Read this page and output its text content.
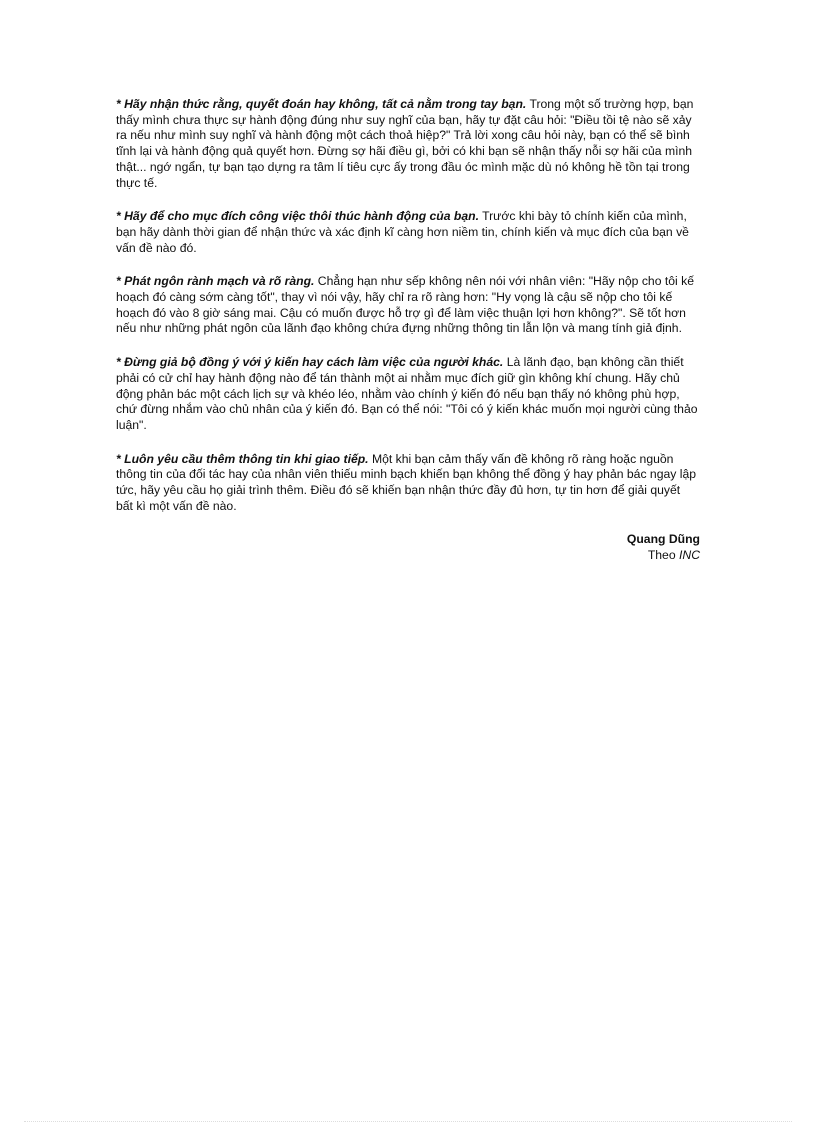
* Hãy nhận thức rằng, quyết đoán hay không, tất cả nằm trong tay bạn. Trong một số trường hợp, bạn thấy mình chưa thực sự hành động đúng như suy nghĩ của bạn, hãy tự đặt câu hỏi: "Điều tồi tệ nào sẽ xảy ra nếu như mình suy nghĩ và hành động một cách thoả hiệp?" Trả lời xong câu hỏi này, bạn có thể sẽ bình tĩnh lại và hành động quả quyết hơn. Đừng sợ hãi điều gì, bởi có khi bạn sẽ nhận thấy nỗi sợ hãi của mình thật... ngớ ngẩn, tự bạn tạo dựng ra tâm lí tiêu cực ấy trong đầu óc mình mặc dù nó không hề tồn tại trong thực tế.

* Hãy để cho mục đích công việc thôi thúc hành động của bạn. Trước khi bày tỏ chính kiến của mình, bạn hãy dành thời gian để nhận thức và xác định kĩ càng hơn niềm tin, chính kiến và mục đích của bạn về vấn đề nào đó.

* Phát ngôn rành mạch và rõ ràng. Chẳng hạn như sếp không nên nói với nhân viên: "Hãy nộp cho tôi kế hoạch đó càng sớm càng tốt", thay vì nói vậy, hãy chỉ ra rõ ràng hơn: "Hy vọng là cậu sẽ nộp cho tôi kế hoạch đó vào 8 giờ sáng mai. Cậu có muốn được hỗ trợ gì để làm việc thuận lợi hơn không?". Sẽ tốt hơn nếu như những phát ngôn của lãnh đạo không chứa đựng những thông tin lẫn lộn và mang tính giả định.

* Đừng giả bộ đồng ý với ý kiến hay cách làm việc của người khác. Là lãnh đạo, bạn không cần thiết phải có cử chỉ hay hành động nào để tán thành một ai nhằm mục đích giữ gìn không khí chung. Hãy chủ động phản bác một cách lịch sự và khéo léo, nhằm vào chính ý kiến đó nếu bạn thấy nó không phù hợp, chứ đừng nhắm vào chủ nhân của ý kiến đó. Bạn có thể nói: "Tôi có ý kiến khác muốn mọi người cùng thảo luận".

* Luôn yêu cầu thêm thông tin khi giao tiếp. Một khi bạn cảm thấy vấn đề không rõ ràng hoặc nguồn thông tin của đối tác hay của nhân viên thiếu minh bạch khiến bạn không thể đồng ý hay phản bác ngay lập tức, hãy yêu cầu họ giải trình thêm. Điều đó sẽ khiến bạn nhận thức đầy đủ hơn, tự tin hơn để giải quyết bất kì một vấn đề nào.

Quang Dũng
Theo INC
